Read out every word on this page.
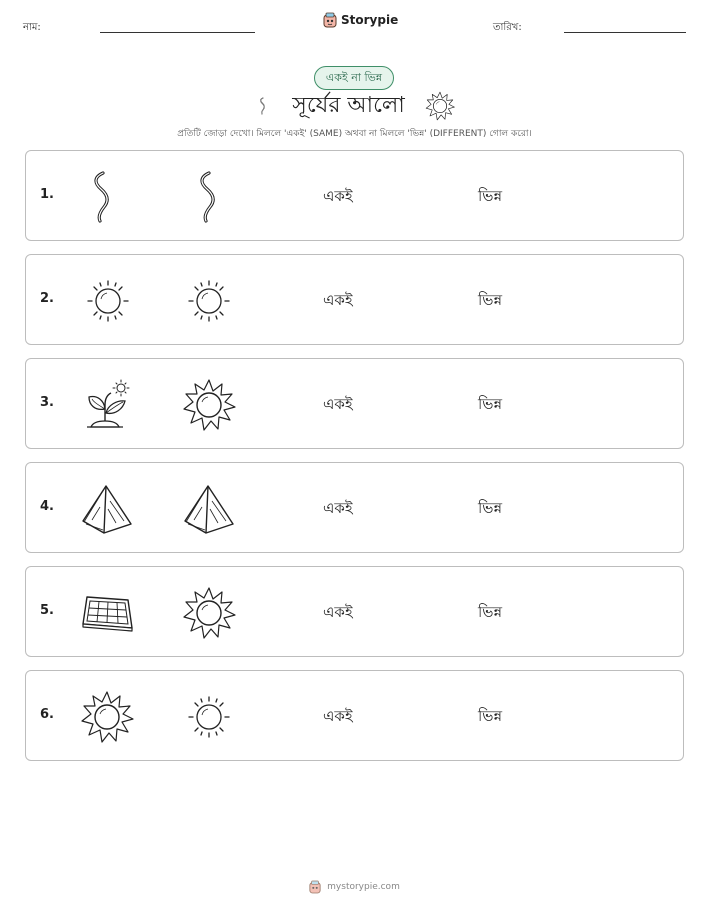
নাম:
Storypie
তারিখ:
একই না ভিন্ন
সূর্যের আলো
প্রতিটি জোড়া দেখো। মিললে 'একই' (SAME) অথবা না মিললে 'ভিন্ন' (DIFFERENT) গোল করো।
1.	একই	ভিন্ন
2.	একই	ভিন্ন
3.	একই	ভিন্ন
4.	একই	ভিন্ন
5.	একই	ভিন্ন
6.	একই	ভিন্ন
mystorypie.com
